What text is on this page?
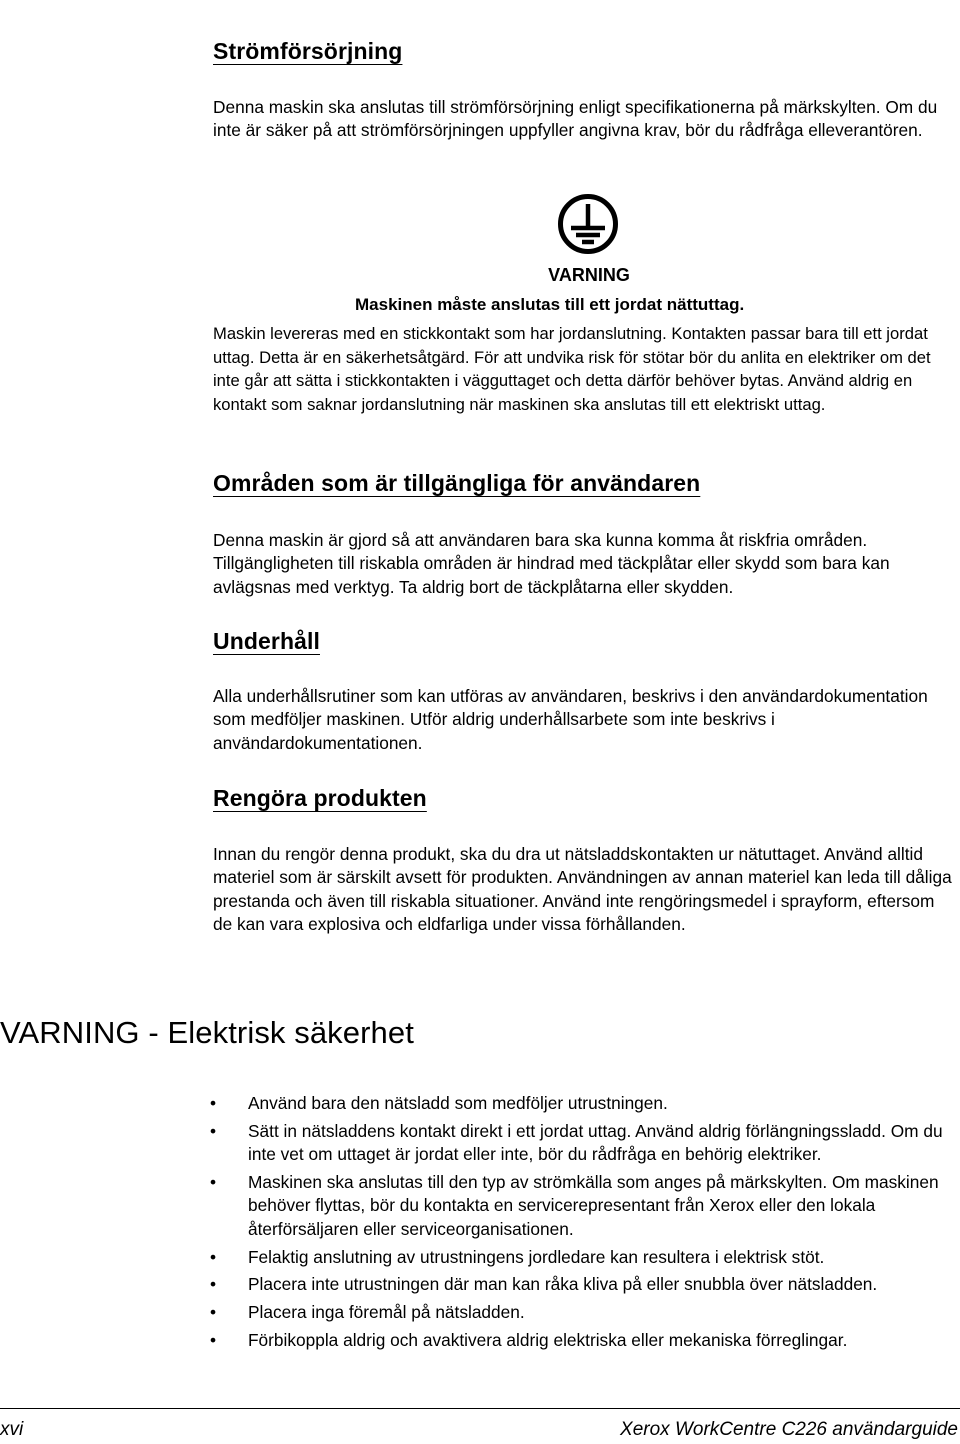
Strömförsörjning

Denna maskin ska anslutas till strömförsörjning enligt specifikationerna på märkskylten. Om du inte är säker på att strömförsörjningen uppfyller angivna krav, bör du rådfråga elleverantören.

VARNING

Maskinen måste anslutas till ett jordat nättuttag.

Maskin levereras med en stickkontakt som har jordanslutning. Kontakten passar bara till ett jordat uttag. Detta är en säkerhetsåtgärd. För att undvika risk för stötar bör du anlita en elektriker om det inte går att sätta i stickkontakten i vägguttaget och detta därför behöver bytas. Använd aldrig en kontakt som saknar jordanslutning när maskinen ska anslutas till ett elektriskt uttag.

Områden som är tillgängliga för användaren

Denna maskin är gjord så att användaren bara ska kunna komma åt riskfria områden. Tillgängligheten till riskabla områden är hindrad med täckplåtar eller skydd som bara kan avlägsnas med verktyg. Ta aldrig bort de täckplåtarna eller skydden.

Underhåll

Alla underhållsrutiner som kan utföras av användaren, beskrivs i den användardokumentation som medföljer maskinen. Utför aldrig underhållsarbete som inte beskrivs i användardokumentationen.

Rengöra produkten

Innan du rengör denna produkt, ska du dra ut nätsladdskontakten ur nätuttaget. Använd alltid materiel som är särskilt avsett för produkten. Användningen av annan materiel kan leda till dåliga prestanda och även till riskabla situationer. Använd inte rengöringsmedel i sprayform, eftersom de kan vara explosiva och eldfarliga under vissa förhållanden.

VARNING - Elektrisk säkerhet
• Använd bara den nätsladd som medföljer utrustningen.
• Sätt in nätsladdens kontakt direkt i ett jordat uttag. Använd aldrig förlängningssladd. Om du inte vet om uttaget är jordat eller inte, bör du rådfråga en behörig elektriker.
• Maskinen ska anslutas till den typ av strömkälla som anges på märkskylten. Om maskinen behöver flyttas, bör du kontakta en servicerepresentant från Xerox eller den lokala återförsäljaren eller serviceorganisationen.
• Felaktig anslutning av utrustningens jordledare kan resultera i elektrisk stöt.
• Placera inte utrustningen där man kan råka kliva på eller snubbla över nätsladden.
• Placera inga föremål på nätsladden.
• Förbikoppla aldrig och avaktivera aldrig elektriska eller mekaniska förreglingar.

xvi	Xerox WorkCentre C226 användarguide
